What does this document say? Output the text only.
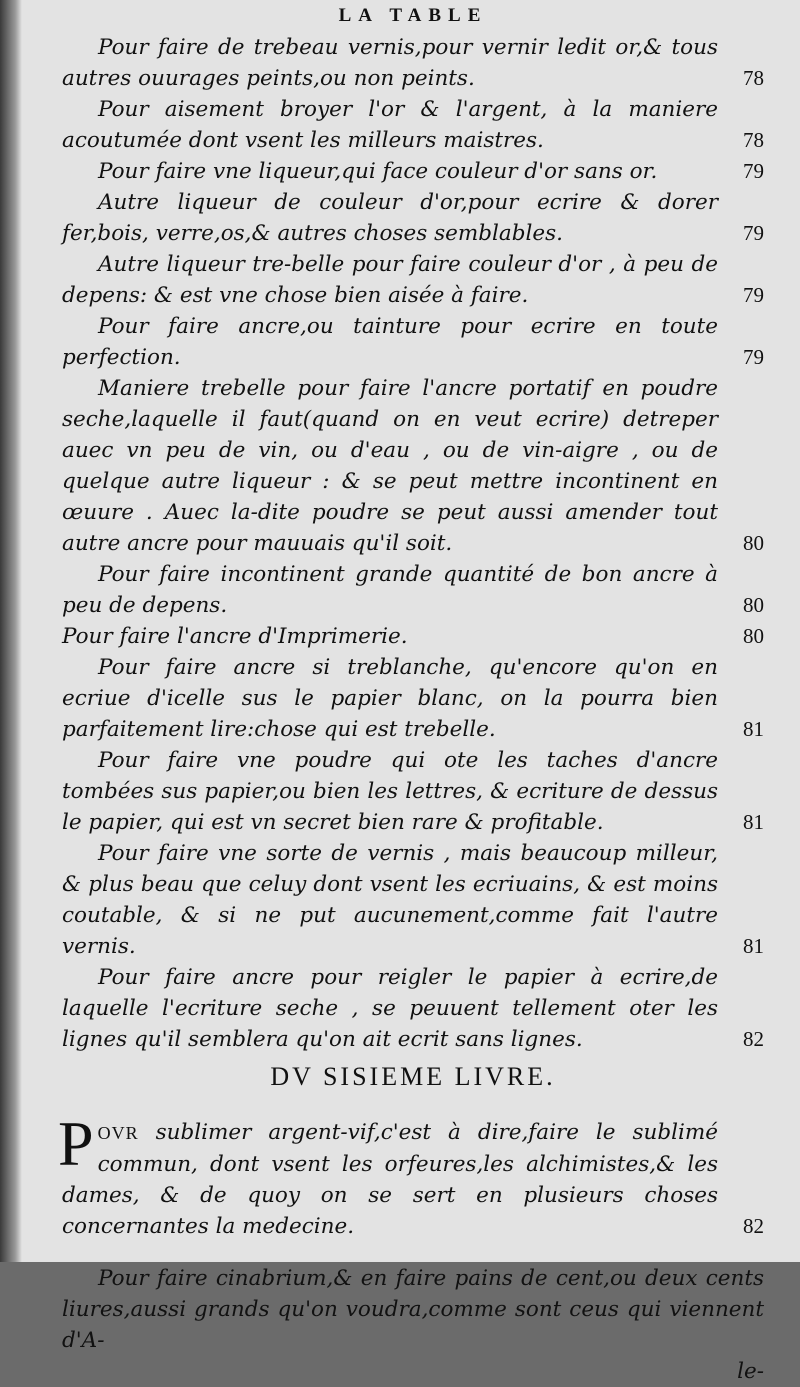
LA TABLE

Pour faire de trebeau vernis,pour vernir ledit or,& tous autres ouurages peints,ou non peints.	78

Pour aisement broyer l'or & l'argent, à la maniere acoutumée dont vsent les milleurs maistres.	78

Pour faire vne liqueur,qui face couleur d'or sans or.	79

Autre liqueur de couleur d'or,pour ecrire & dorer fer,bois, verre,os,& autres choses semblables.	79

Autre liqueur tre-belle pour faire couleur d'or , à peu de depens: & est vne chose bien aisée à faire.	79

Pour faire ancre,ou tainture pour ecrire en toute perfection.	79

Maniere trebelle pour faire l'ancre portatif en poudre seche,laquelle il faut(quand on en veut ecrire) detreper auec vn peu de vin, ou d'eau , ou de vin-aigre , ou de quelque autre liqueur : & se peut mettre incontinent en œuure . Auec la-dite poudre se peut aussi amender tout autre ancre pour mauuais qu'il soit.	80

Pour faire incontinent grande quantité de bon ancre à peu de depens.	80

Pour faire l'ancre d'Imprimerie.	80

Pour faire ancre si treblanche, qu'encore qu'on en ecriue d'icelle sus le papier blanc, on la pourra bien parfaitement lire:chose qui est trebelle.	81

Pour faire vne poudre qui ote les taches d'ancre tombées sus papier,ou bien les lettres, & ecriture de dessus le papier, qui est vn secret bien rare & profitable.	81

Pour faire vne sorte de vernis , mais beaucoup milleur, & plus beau que celuy dont vsent les ecriuains, & est moins coutable, & si ne put aucunement,comme fait l'autre vernis.	81

Pour faire ancre pour reigler le papier à ecrire,de laquelle l'ecriture seche , se peuuent tellement oter les lignes qu'il semblera qu'on ait ecrit sans lignes.	82

DV SISIEME LIVRE.

POVR sublimer argent-vif,c'est à dire,faire le sublimé commun, dont vsent les orfeures,les alchimistes,& les dames, & de quoy on se sert en plusieurs choses concernantes la medecine.	82

Pour faire cinabrium,& en faire pains de cent,ou deux cents liures,aussi grands qu'on voudra,comme sont ceus qui viennent d'A-

le-
